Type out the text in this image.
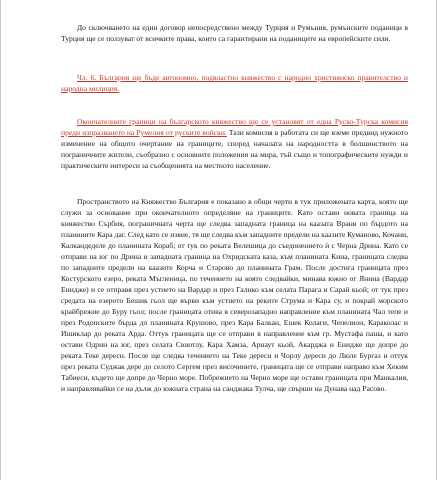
До сключването на един договор непосредствено между Турция и Румъния, румънските поданици в Турция ще се ползуват от всичките права, които са гарантирани на поданиците на европейските сили.

Чл. 6. България ще бъде автономно, подвластно княжество с народно християнско правителство и народна милиция.

Окончателните граници на българското княжество ще се установят от една Руско-Турска комисия преди изпразването на Румелия от руските войски. Тази комисия в работата си ще вземе предвид нужното изменение на общото очертание на границите, според началата на народността в болшинството на пограничните жители, съобразно с основните положения на мира, тъй също и топографическите нужди и практическите интереси за съобщенията на местното население.

Пространството на Княжество България е показано в общи черти в тук приложената карта, която ще служи за основание при окончателното определяне на границите. Като остави новата граница на княжество Сърбия, пограничната черта ще следва западната граница на каазата Враня по бърдото на планините Кара даг. След като се извие, тя ще следва към западните предели на каазите Куманово, Кочани, Калкандеделе до планината Кораб; от тук по реката Велешица до съединението ѝ с Черна Дрина. Като се отправи на юг по Дрина и западната граница на Охридската каза, към планината Кина, границата следва по западните предели на каазите Корча и Старово до планината Грам. После достига границата през Костурското езеро, реката Мъгленица, по течението на която следвайки, минава южно от Янина (Вардар Енидже) и се отправя през устието на Вардар и през Галико към селата Парага и Сарай кьой; от тук през средата на езерото Бешик гьол ще върви към устието на реките Струма и Кара су, и покрай морското крайбрежие до Буру гьол; после границата отива в северозападно направление към планината Чал тепе и през Родопските бърда до планината Крушово, през Кара Балкан, Ешек Колаги, Чепелион, Караколас и Ишиклар до реката Арда. Оттук границата ще се отправи в направление към гр. Мустафа паша, и като остави Одрин на юг, през селата Сюютлу, Кара Хамза, Арнаут кьой, Акарджа и Енидже ще допре до реката Теке дереси. После ще следва течението на Теке дереси и Чорлу дереси до Люле Бургаз и оттук през реката Суджак дере до селото Сергем през височините, границата ще се отправи направо към Хеким Табиеси, където ще допре до Черно море. Побрежието на Черно море ще остави границата при Манкалия, и направлявайки се на дълж до южната страна на санджака Тулча, ще свърши на Дунава над Расово.
